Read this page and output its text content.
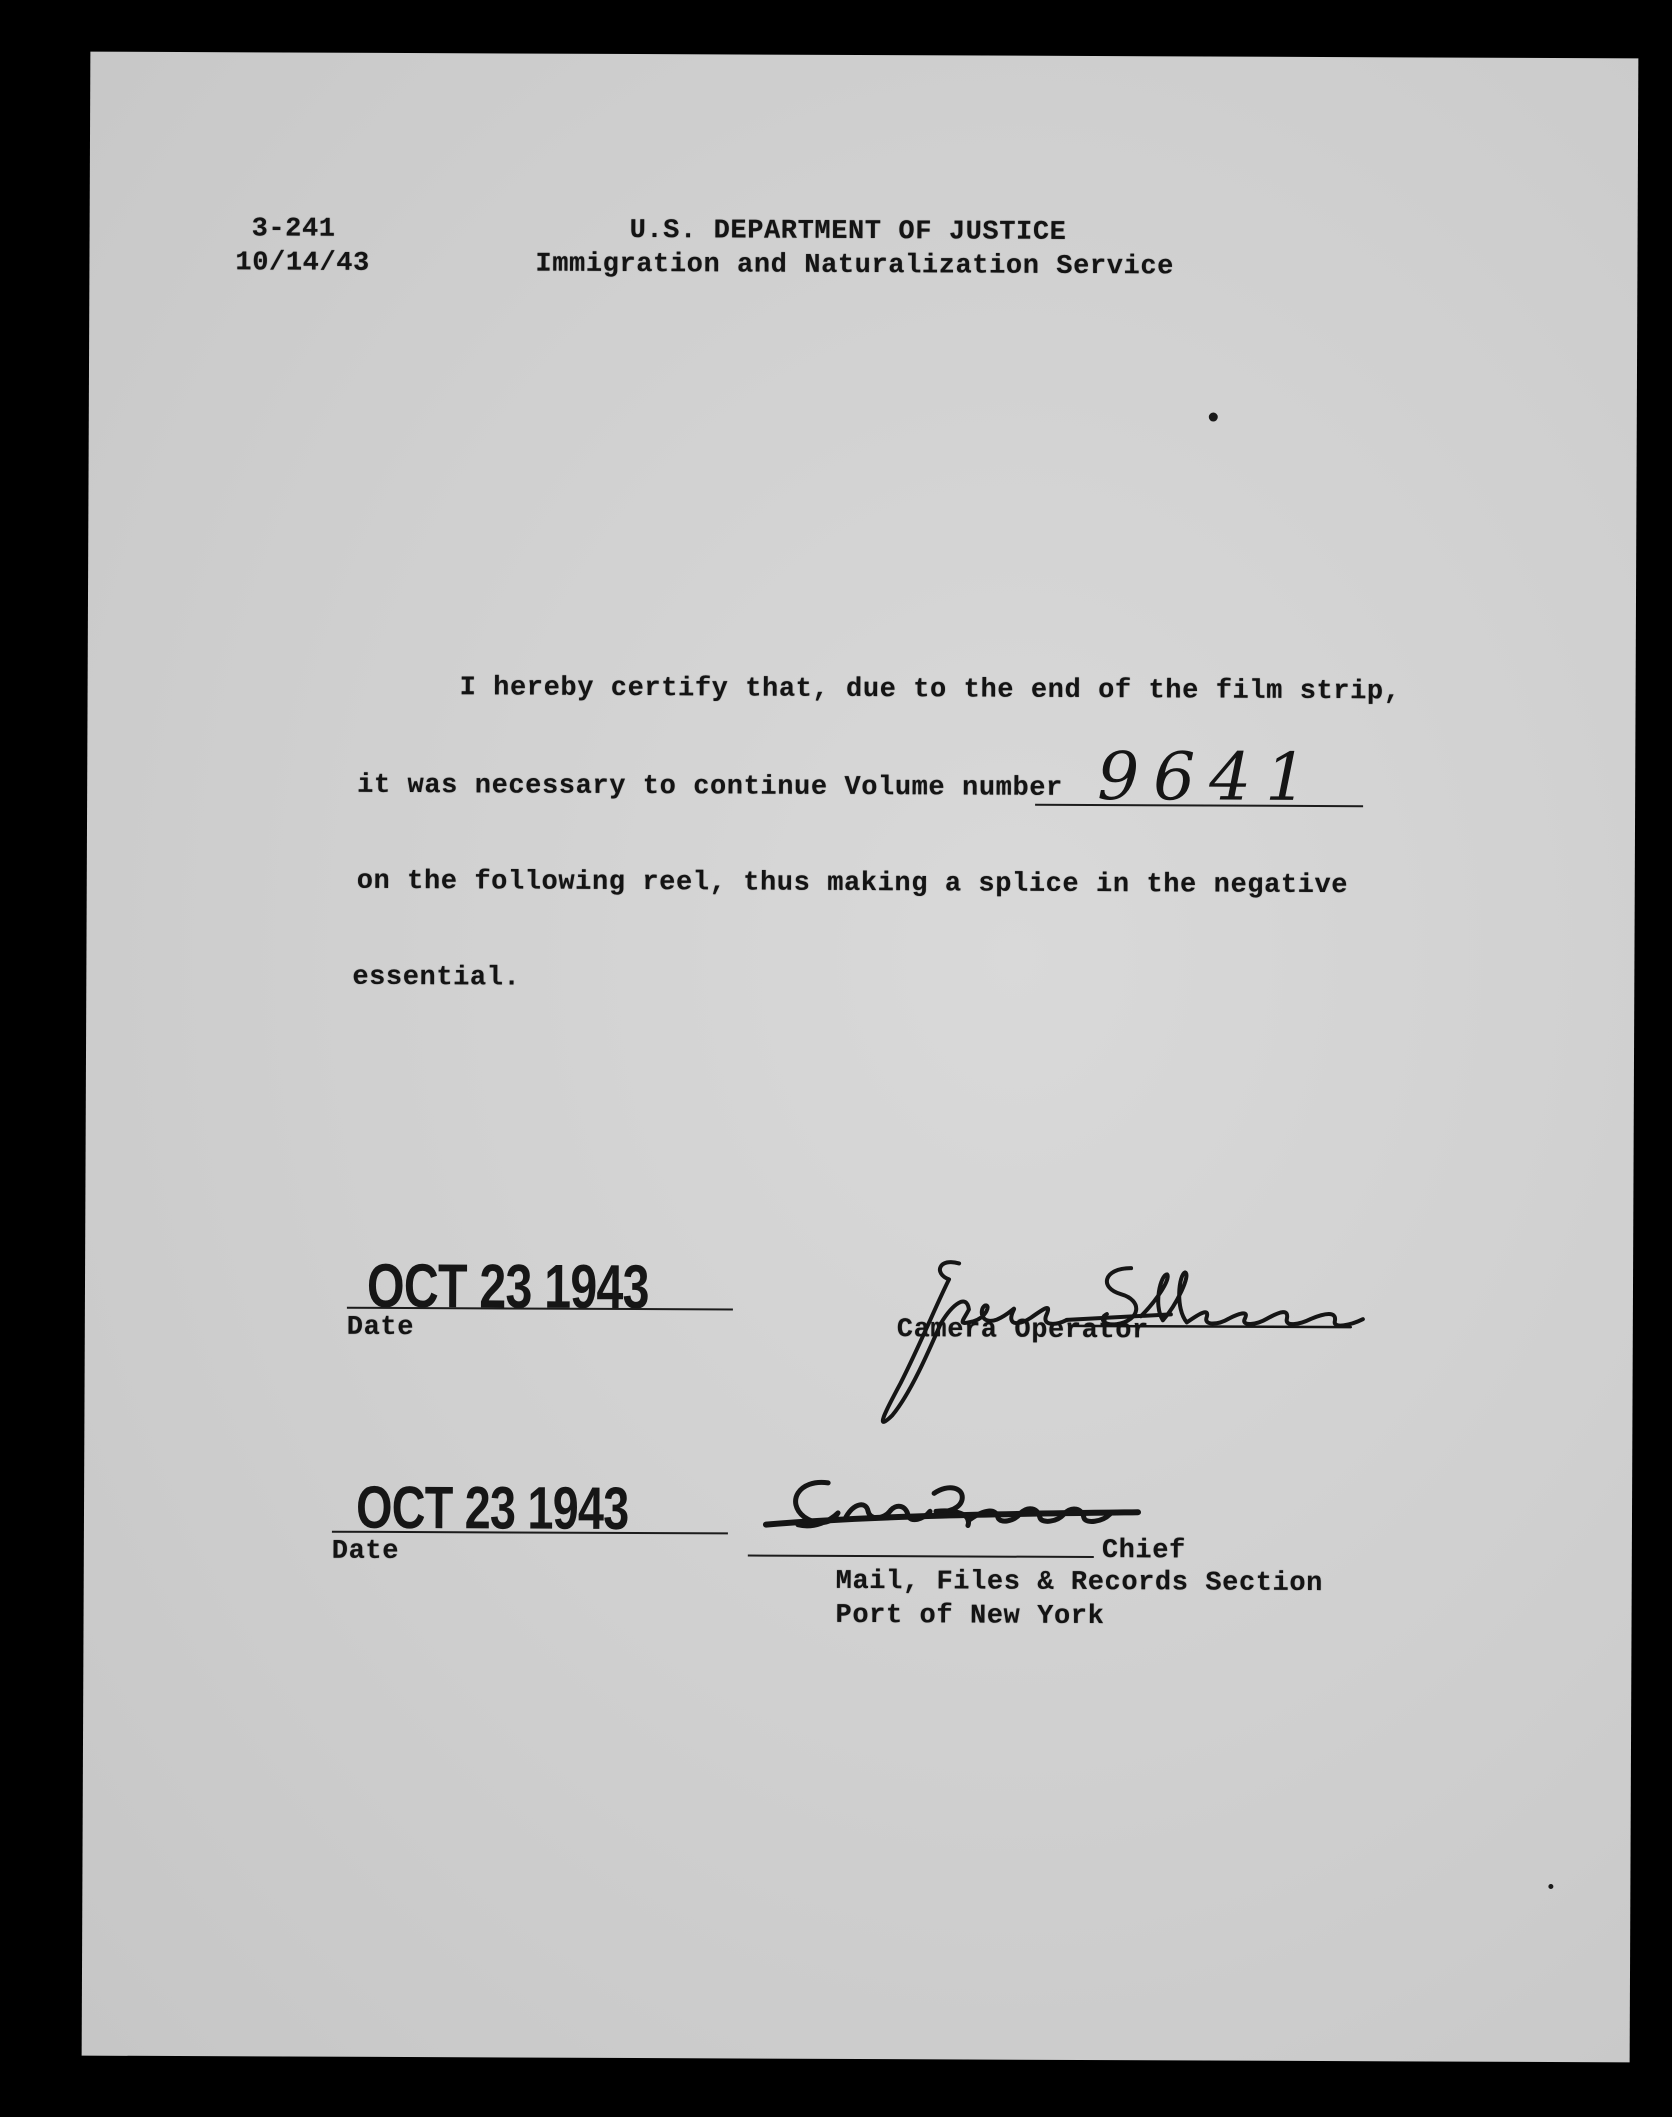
3-241
10/14/43
U.S. DEPARTMENT OF JUSTICE
Immigration and Naturalization Service
I hereby certify that, due to the end of the film strip,
it was necessary to continue Volume number 9641
on the following reel, thus making a splice in the negative
essential.
OCT 23 1943
Date	Camera Operator
OCT 23 1943
Date	Chief
Mail, Files & Records Section
Port of New York
